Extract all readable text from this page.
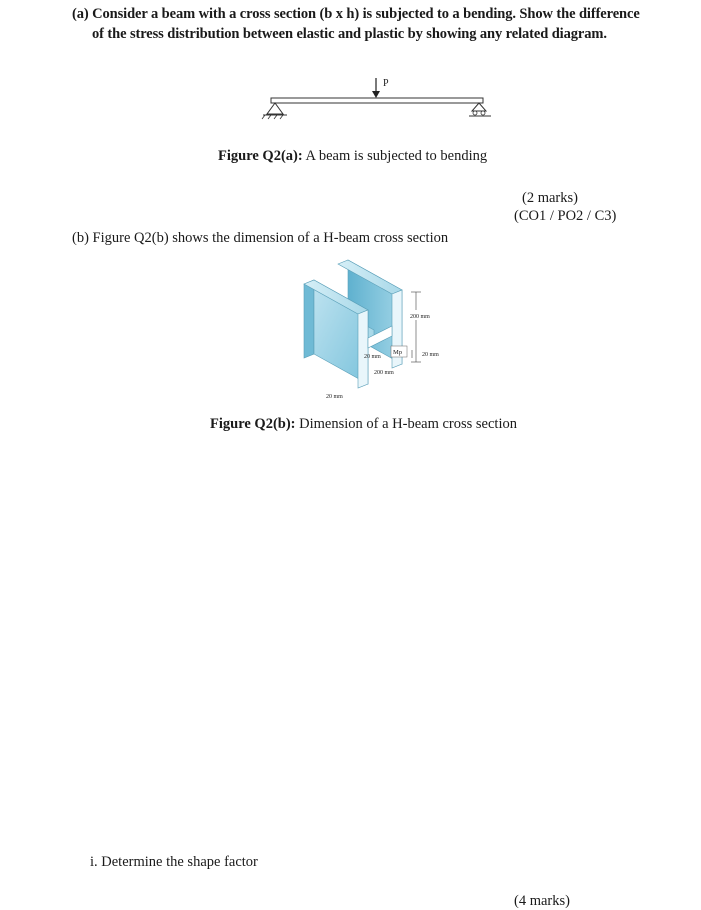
(a) Consider a beam with a cross section (b x h) is subjected to a bending. Show the difference
of the stress distribution between elastic and plastic by showing any related diagram.
P
Figure Q2(a): A beam is subjected to bending
(2 marks)
(CO1 / PO2 / C3)
(b) Figure Q2(b) shows the dimension of a H-beam cross section
200 mm
20 mm
Mp	20 mm
200 mm
20 mm
Figure Q2(b): Dimension of a H-beam cross section
i. Determine the shape factor
(4 marks)
